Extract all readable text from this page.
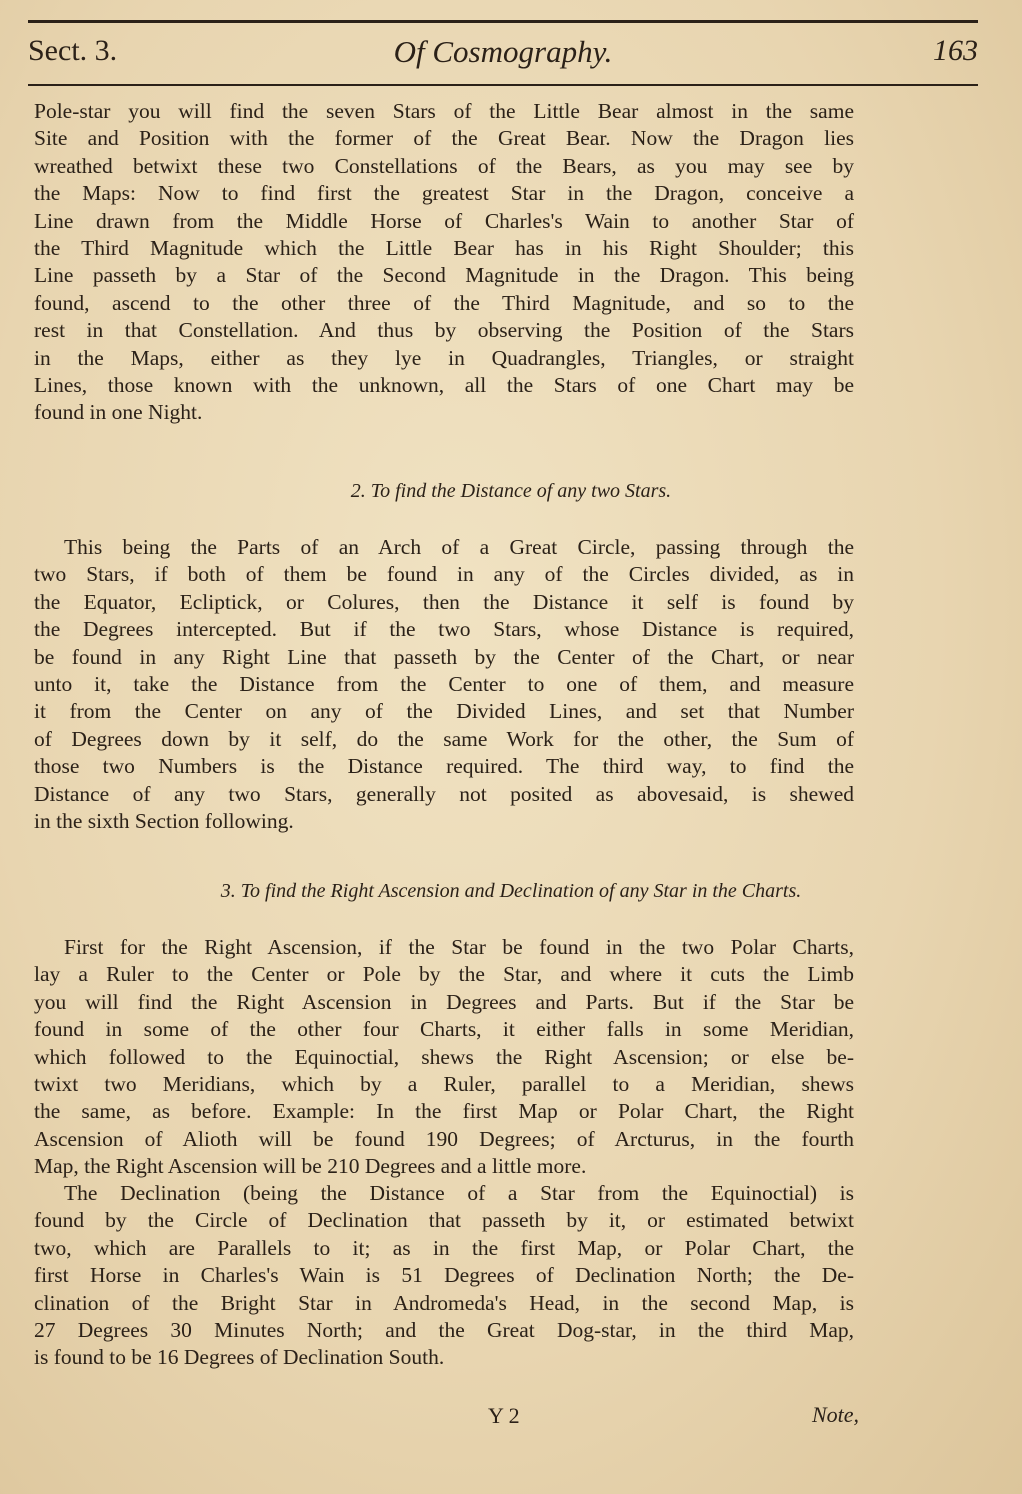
Sect. 3.	Of Cosmography.	163
Pole-star you will find the seven Stars of the Little Bear almost in the same
Site and Position with the former of the Great Bear. Now the Dragon lies
wreathed betwixt these two Constellations of the Bears, as you may see by
the Maps: Now to find first the greatest Star in the Dragon, conceive a
Line drawn from the Middle Horse of Charles's Wain to another Star of
the Third Magnitude which the Little Bear has in his Right Shoulder; this
Line passeth by a Star of the Second Magnitude in the Dragon. This being
found, ascend to the other three of the Third Magnitude, and so to the
rest in that Constellation. And thus by observing the Position of the Stars
in the Maps, either as they lye in Quadrangles, Triangles, or straight
Lines, those known with the unknown, all the Stars of one Chart may be
found in one Night.
2. To find the Distance of any two Stars.
This being the Parts of an Arch of a Great Circle, passing through the
two Stars, if both of them be found in any of the Circles divided, as in
the Equator, Ecliptick, or Colures, then the Distance it self is found by
the Degrees intercepted. But if the two Stars, whose Distance is required,
be found in any Right Line that passeth by the Center of the Chart, or near
unto it, take the Distance from the Center to one of them, and measure
it from the Center on any of the Divided Lines, and set that Number
of Degrees down by it self, do the same Work for the other, the Sum of
those two Numbers is the Distance required. The third way, to find the
Distance of any two Stars, generally not posited as abovesaid, is shewed
in the sixth Section following.
3. To find the Right Ascension and Declination of any Star in the Charts.
First for the Right Ascension, if the Star be found in the two Polar Charts,
lay a Ruler to the Center or Pole by the Star, and where it cuts the Limb
you will find the Right Ascension in Degrees and Parts. But if the Star be
found in some of the other four Charts, it either falls in some Meridian,
which followed to the Equinoctial, shews the Right Ascension; or else be-
twixt two Meridians, which by a Ruler, parallel to a Meridian, shews
the same, as before. Example: In the first Map or Polar Chart, the Right
Ascension of Alioth will be found 190 Degrees; of Arcturus, in the fourth
Map, the Right Ascension will be 210 Degrees and a little more.
The Declination (being the Distance of a Star from the Equinoctial) is
found by the Circle of Declination that passeth by it, or estimated betwixt
two, which are Parallels to it; as in the first Map, or Polar Chart, the
first Horse in Charles's Wain is 51 Degrees of Declination North; the De-
clination of the Bright Star in Andromeda's Head, in the second Map, is
27 Degrees 30 Minutes North; and the Great Dog-star, in the third Map,
is found to be 16 Degrees of Declination South.
Y 2	Note,
